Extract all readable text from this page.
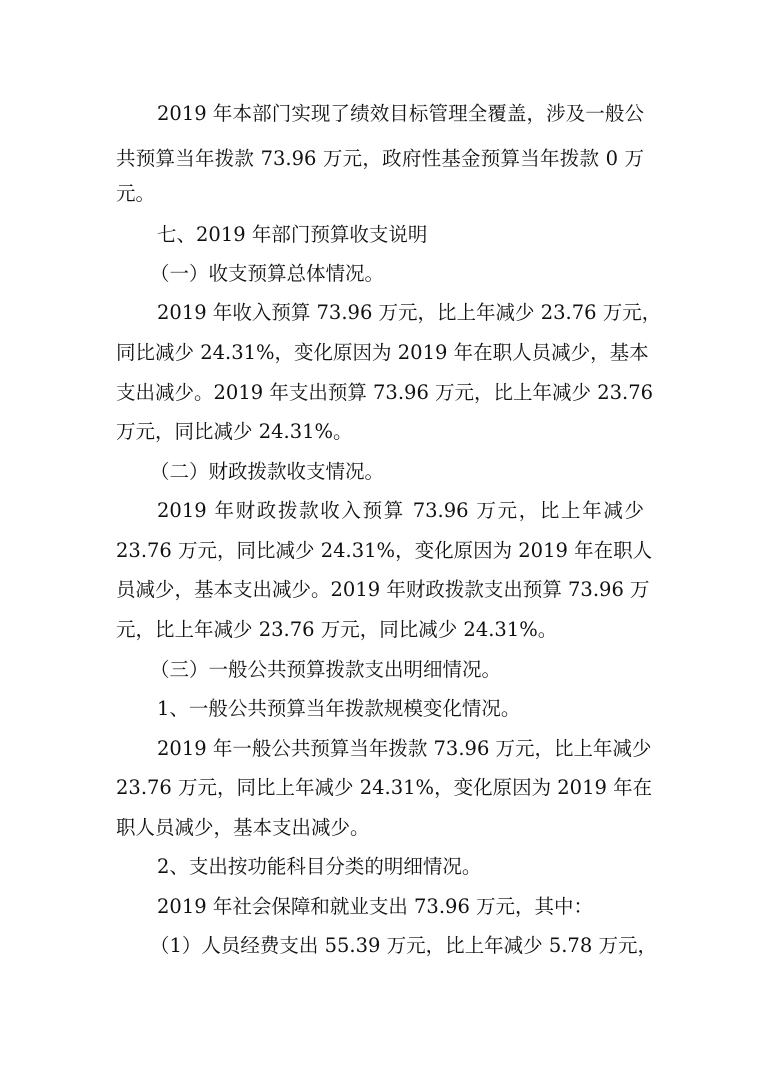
2019 年本部门实现了绩效目标管理全覆盖，涉及一般公
共预算当年拨款 73.96 万元，政府性基金预算当年拨款 0 万
元。
七、2019 年部门预算收支说明
（一）收支预算总体情况。
2019 年收入预算 73.96 万元，比上年减少 23.76 万元，
同比减少 24.31%，变化原因为 2019 年在职人员减少，基本
支出减少。2019 年支出预算 73.96 万元，比上年减少 23.76
万元，同比减少 24.31%。
（二）财政拨款收支情况。
2019 年财政拨款收入预算 73.96 万元，比上年减少
23.76 万元，同比减少 24.31%，变化原因为 2019 年在职人
员减少，基本支出减少。2019 年财政拨款支出预算 73.96 万
元，比上年减少 23.76 万元，同比减少 24.31%。
（三）一般公共预算拨款支出明细情况。
1、一般公共预算当年拨款规模变化情况。
2019 年一般公共预算当年拨款 73.96 万元，比上年减少
23.76 万元，同比上年减少 24.31%，变化原因为 2019 年在
职人员减少，基本支出减少。
2、支出按功能科目分类的明细情况。
2019 年社会保障和就业支出 73.96 万元，其中：
（1）人员经费支出 55.39 万元，比上年减少 5.78 万元，
